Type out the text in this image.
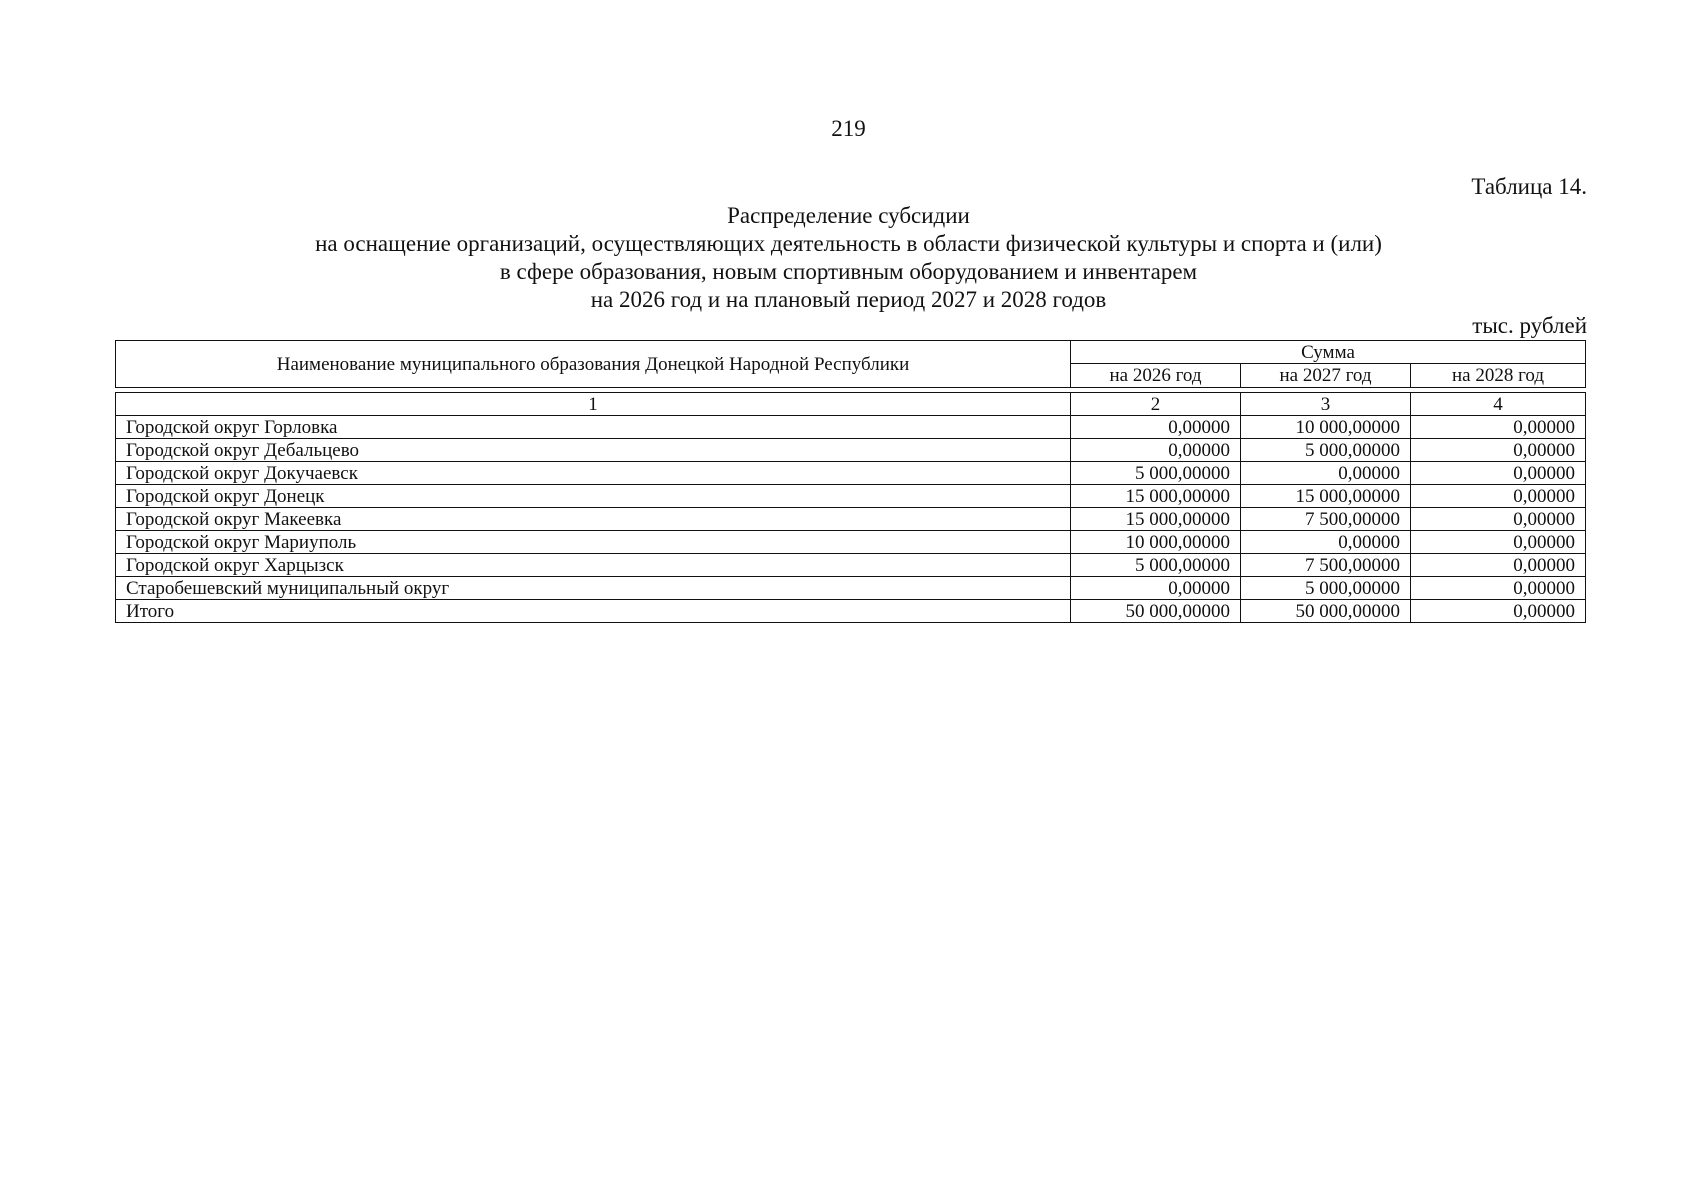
219
Таблица 14.
Распределение субсидии
на оснащение организаций, осуществляющих деятельность в области физической культуры и спорта и (или)
в сфере образования, новым спортивным оборудованием и инвентарем
на 2026 год и на плановый период 2027 и 2028 годов
тыс. рублей
Наименование муниципального образования Донецкой Народной Республики	Сумма		
	на 2026 год	на 2027 год	на 2028 год
1	2	3	4
Городской округ Горловка	0,00000	10 000,00000	0,00000
Городской округ Дебальцево	0,00000	5 000,00000	0,00000
Городской округ Докучаевск	5 000,00000	0,00000	0,00000
Городской округ Донецк	15 000,00000	15 000,00000	0,00000
Городской округ Макеевка	15 000,00000	7 500,00000	0,00000
Городской округ Мариуполь	10 000,00000	0,00000	0,00000
Городской округ Харцызск	5 000,00000	7 500,00000	0,00000
Старобешевский муниципальный округ	0,00000	5 000,00000	0,00000
Итого	50 000,00000	50 000,00000	0,00000
